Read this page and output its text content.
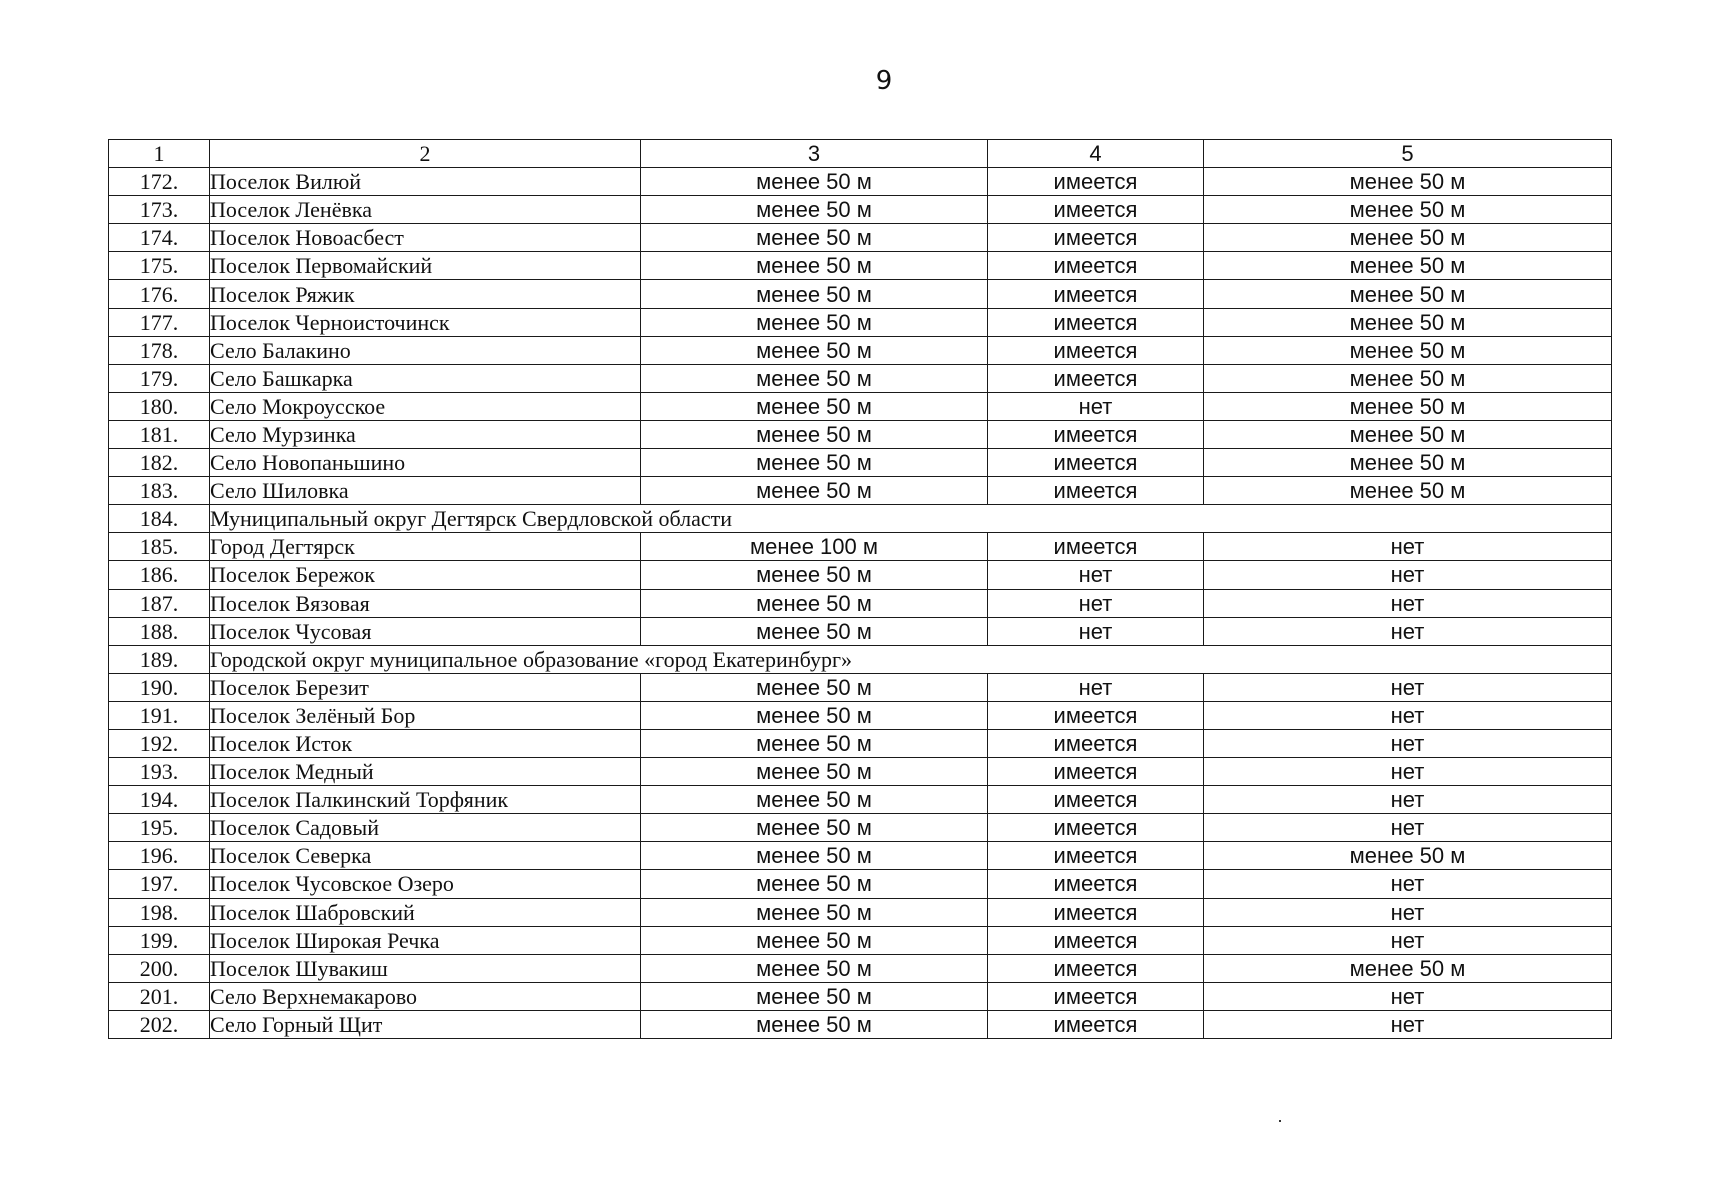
9
1	2	3	4	5
172.	Поселок Вилюй	менее 50 м	имеется	менее 50 м
173.	Поселок Ленёвка	менее 50 м	имеется	менее 50 м
174.	Поселок Новоасбест	менее 50 м	имеется	менее 50 м
175.	Поселок Первомайский	менее 50 м	имеется	менее 50 м
176.	Поселок Ряжик	менее 50 м	имеется	менее 50 м
177.	Поселок Черноисточинск	менее 50 м	имеется	менее 50 м
178.	Село Балакино	менее 50 м	имеется	менее 50 м
179.	Село Башкарка	менее 50 м	имеется	менее 50 м
180.	Село Мокроусское	менее 50 м	нет	менее 50 м
181.	Село Мурзинка	менее 50 м	имеется	менее 50 м
182.	Село Новопаньшино	менее 50 м	имеется	менее 50 м
183.	Село Шиловка	менее 50 м	имеется	менее 50 м
184.	Муниципальный округ Дегтярск Свердловской области			
185.	Город Дегтярск	менее 100 м	имеется	нет
186.	Поселок Бережок	менее 50 м	нет	нет
187.	Поселок Вязовая	менее 50 м	нет	нет
188.	Поселок Чусовая	менее 50 м	нет	нет
189.	Городской округ муниципальное образование «город Екатеринбург»			
190.	Поселок Березит	менее 50 м	нет	нет
191.	Поселок Зелёный Бор	менее 50 м	имеется	нет
192.	Поселок Исток	менее 50 м	имеется	нет
193.	Поселок Медный	менее 50 м	имеется	нет
194.	Поселок Палкинский Торфяник	менее 50 м	имеется	нет
195.	Поселок Садовый	менее 50 м	имеется	нет
196.	Поселок Северка	менее 50 м	имеется	менее 50 м
197.	Поселок Чусовское Озеро	менее 50 м	имеется	нет
198.	Поселок Шабровский	менее 50 м	имеется	нет
199.	Поселок Широкая Речка	менее 50 м	имеется	нет
200.	Поселок Шувакиш	менее 50 м	имеется	менее 50 м
201.	Село Верхнемакарово	менее 50 м	имеется	нет
202.	Село Горный Щит	менее 50 м	имеется	нет
